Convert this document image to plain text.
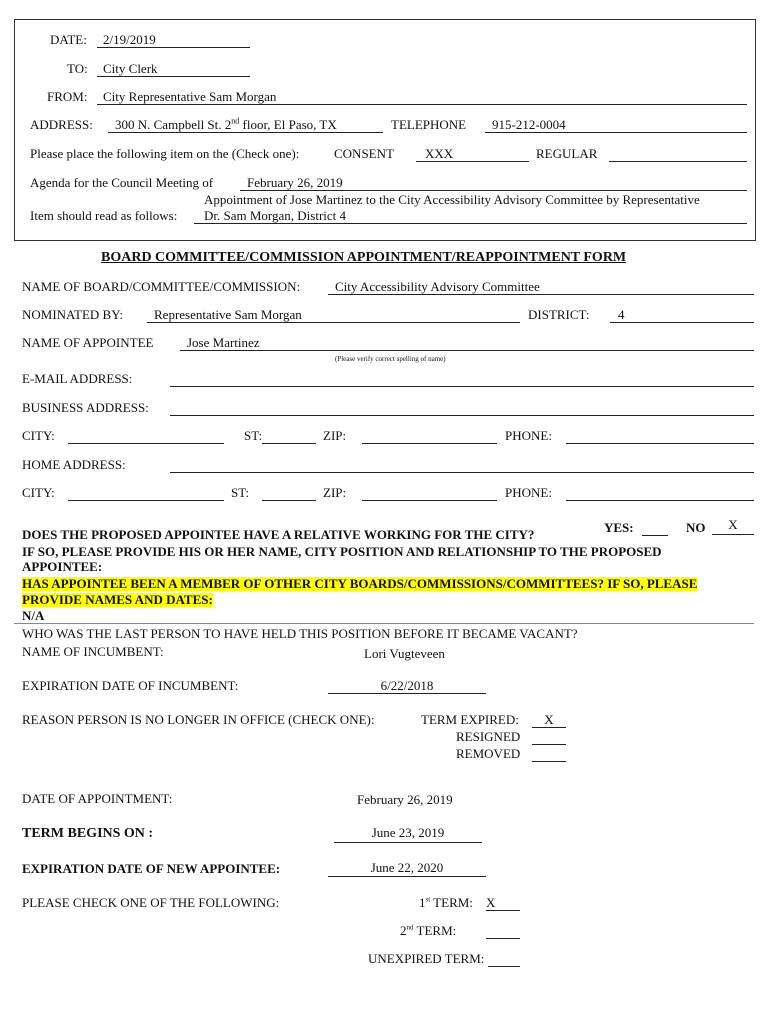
DATE: 2/19/2019
TO: City Clerk
FROM: City Representative Sam Morgan
ADDRESS: 300 N. Campbell St. 2nd floor, El Paso, TX	TELEPHONE 915-212-0004
Please place the following item on the (Check one):	CONSENT XXX	REGULAR
Agenda for the Council Meeting of	February 26, 2019
Appointment of Jose Martinez to the City Accessibility Advisory Committee by Representative
Item should read as follows: Dr. Sam Morgan, District 4
BOARD COMMITTEE/COMMISSION APPOINTMENT/REAPPOINTMENT FORM
NAME OF BOARD/COMMITTEE/COMMISSION:	City Accessibility Advisory Committee
NOMINATED BY: Representative Sam Morgan	DISTRICT: 4
NAME OF APPOINTEE	Jose Martinez
(Please verify correct spelling of name)
E-MAIL ADDRESS:
BUSINESS ADDRESS:
CITY:	ST:	ZIP:	PHONE:
HOME ADDRESS:
CITY:	ST:	ZIP:	PHONE:
DOES THE PROPOSED APPOINTEE HAVE A RELATIVE WORKING FOR THE CITY?	YES:	NO	X
IF SO, PLEASE PROVIDE HIS OR HER NAME, CITY POSITION AND RELATIONSHIP TO THE PROPOSED
APPOINTEE:
HAS APPOINTEE BEEN A MEMBER OF OTHER CITY BOARDS/COMMISSIONS/COMMITTEES? IF SO, PLEASE
PROVIDE NAMES AND DATES:
N/A
WHO WAS THE LAST PERSON TO HAVE HELD THIS POSITION BEFORE IT BECAME VACANT?
NAME OF INCUMBENT:	Lori Vugteveen
EXPIRATION DATE OF INCUMBENT:	6/22/2018
REASON PERSON IS NO LONGER IN OFFICE (CHECK ONE):	TERM EXPIRED:	X
RESIGNED
REMOVED
DATE OF APPOINTMENT:	February 26, 2019
TERM BEGINS ON :	June 23, 2019
EXPIRATION DATE OF NEW APPOINTEE:	June 22, 2020
PLEASE CHECK ONE OF THE FOLLOWING:	1st TERM: X
2nd TERM:
UNEXPIRED TERM:
